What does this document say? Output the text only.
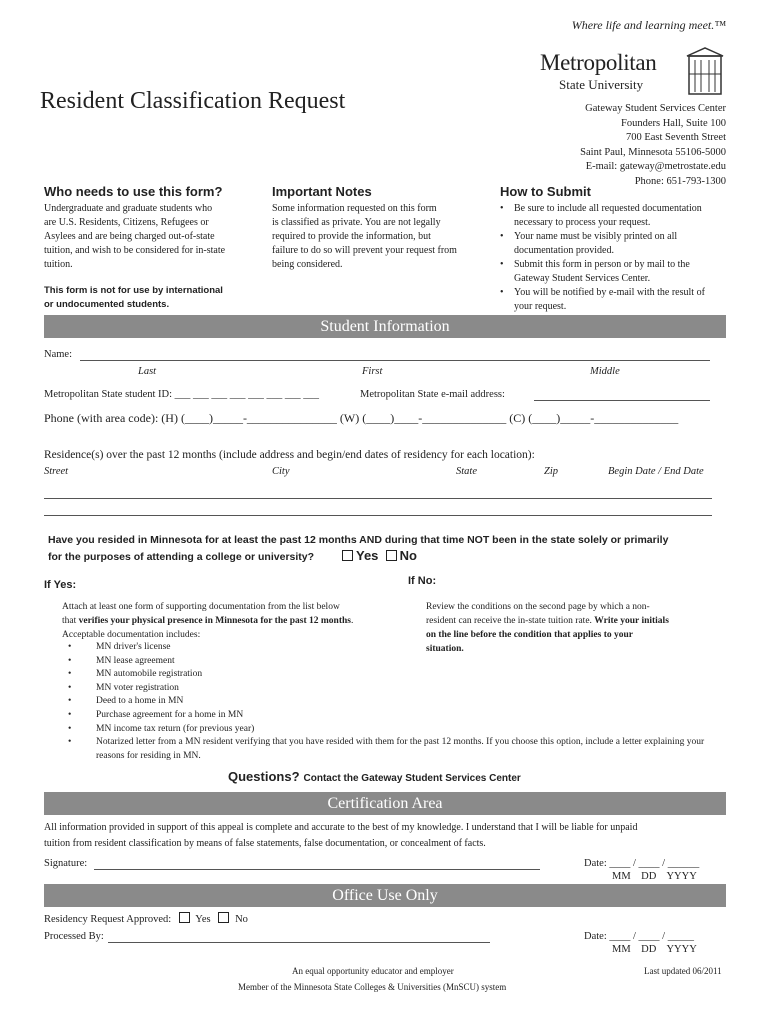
Where life and learning meet.™
Metropolitan
State University
Resident Classification Request	Gateway Student Services Center
Founders Hall, Suite 100
700 East Seventh Street
Saint Paul, Minnesota 55106-5000
E-mail: gateway@metrostate.edu
Phone: 651-793-1300
Who needs to use this form?
Undergraduate and graduate students who
are U.S. Residents, Citizens, Refugees or
Asylees and are being charged out-of-state
tuition, and wish to be considered for in-state
tuition.
This form is not for use by international
or undocumented students.
Important Notes
Some information requested on this form
is classified as private. You are not legally
required to provide the information, but
failure to do so will prevent your request from
being considered.
How to Submit
• Be sure to include all requested documentation necessary to process your request.
• Your name must be visibly printed on all documentation provided.
• Submit this form in person or by mail to the Gateway Student Services Center.
• You will be notified by e-mail with the result of your request.
Student Information
Name:
Last	First	Middle
Metropolitan State student ID: ___ ___ ___ ___ ___ ___ ___ ___	Metropolitan State e-mail address:
Phone (with area code): (H) (____)_____-_______________ (W) (____)____-______________ (C) (____)_____-______________
Residence(s) over the past 12 months (include address and begin/end dates of residency for each location):
Street	City	State	Zip	Begin Date / End Date
Have you resided in Minnesota for at least the past 12 months AND during that time NOT been in the state solely or primarily
for the purposes of attending a college or university?	Yes No
If Yes:	If No:
Attach at least one form of supporting documentation from the list below
that verifies your physical presence in Minnesota for the past 12 months.
Acceptable documentation includes:
• MN driver's license
• MN lease agreement
• MN automobile registration
• MN voter registration
• Deed to a home in MN
• Purchase agreement for a home in MN
• MN income tax return (for previous year)
• Notarized letter from a MN resident verifying that you have resided with them for the past 12 months. If you choose this option, include a letter explaining your reasons for residing in MN.
Review the conditions on the second page by which a non-
resident can receive the in-state tuition rate. Write your initials
on the line before the condition that applies to your
situation.
Questions? Contact the Gateway Student Services Center
Certification Area
All information provided in support of this appeal is complete and accurate to the best of my knowledge. I understand that I will be liable for unpaid
tuition from resident classification by means of false statements, false documentation, or concealment of facts.
Signature:	Date: ____ / ____ / ______
MM    DD    YYYY
Office Use Only
Residency Request Approved: Yes No
Processed By:	Date: ____ / ____ / _____
MM    DD    YYYY
An equal opportunity educator and employer
Member of the Minnesota State Colleges & Universities (MnSCU) system
Last updated 06/2011
